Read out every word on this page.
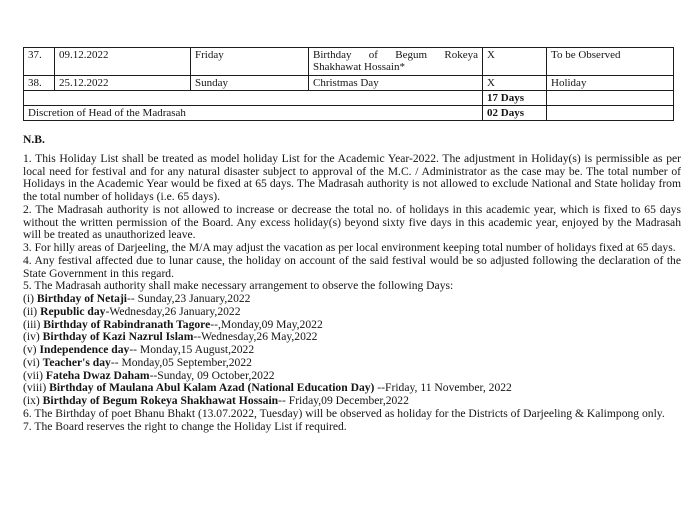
37.	09.12.2022	Friday	Birthday of Begum Rokeya Shakhawat Hossain*	X	To be Observed
38.	25.12.2022	Sunday	Christmas Day	X	Holiday
				17 Days	
Discretion of Head of the Madrasah				02 Days	

N.B.

1. This Holiday List shall be treated as model holiday List for the Academic Year-2022. The adjustment in Holiday(s) is permissible as per local need for festival and for any natural disaster subject to approval of the M.C. / Administrator as the case may be. The total number of Holidays in the Academic Year would be fixed at 65 days. The Madrasah authority is not allowed to exclude National and State holiday from the total number of holidays (i.e. 65 days).

2. The Madrasah authority is not allowed to increase or decrease the total no. of holidays in this academic year, which is fixed to 65 days without the written permission of the Board. Any excess holiday(s) beyond sixty five days in this academic year, enjoyed by the Madrasah will be treated as unauthorized leave.

3. For hilly areas of Darjeeling, the M/A may adjust the vacation as per local environment keeping total number of holidays fixed at 65 days.

4. Any festival affected due to lunar cause, the holiday on account of the said festival would be so adjusted following the declaration of the State Government in this regard.

5. The Madrasah authority shall make necessary arrangement to observe the following Days:

(i) Birthday of Netaji-- Sunday,23 January,2022

(ii) Republic day-Wednesday,26 January,2022

(iii) Birthday of Rabindranath Tagore--,Monday,09 May,2022

(iv) Birthday of Kazi Nazrul Islam--Wednesday,26 May,2022

(v) Independence day-- Monday,15 August,2022

(vi) Teacher's day-- Monday,05 September,2022

(vii) Fateha Dwaz Daham--Sunday, 09 October,2022

(viii) Birthday of Maulana Abul Kalam Azad (National Education Day) --Friday, 11 November, 2022

(ix) Birthday of Begum Rokeya Shakhawat Hossain-- Friday,09 December,2022

6. The Birthday of poet Bhanu Bhakt (13.07.2022, Tuesday) will be observed as holiday for the Districts of Darjeeling & Kalimpong only.

7. The Board reserves the right to change the Holiday List if required.
